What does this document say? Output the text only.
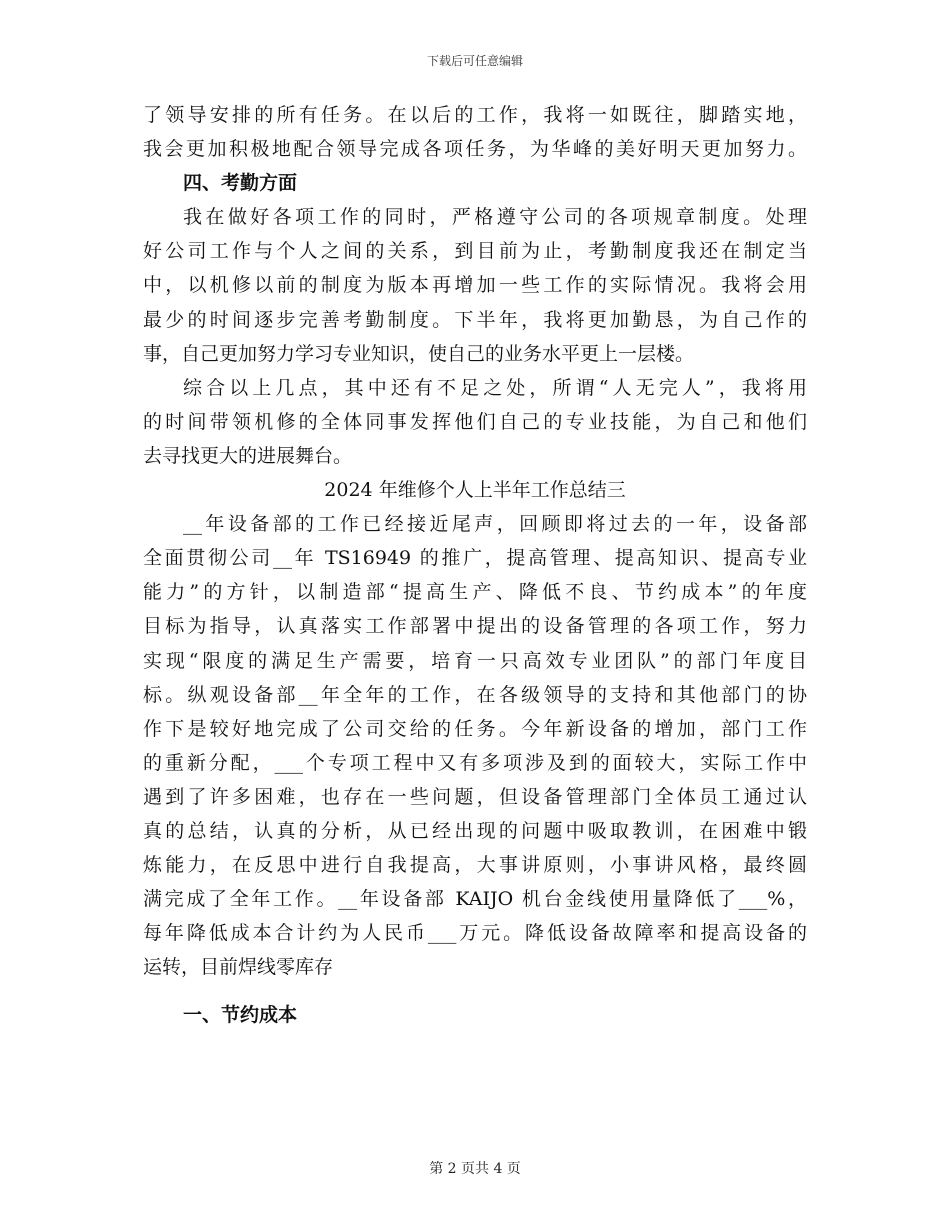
下载后可任意编辑
了领导安排的所有任务。在以后的工作，我将一如既往，脚踏实地，
我会更加积极地配合领导完成各项任务，为华峰的美好明天更加努力。
四、考勤方面
我在做好各项工作的同时，严格遵守公司的各项规章制度。处理
好公司工作与个人之间的关系，到目前为止，考勤制度我还在制定当
中，以机修以前的制度为版本再增加一些工作的实际情况。我将会用
最少的时间逐步完善考勤制度。下半年，我将更加勤恳，为自己作的
事，自己更加努力学习专业知识，使自己的业务水平更上一层楼。
综合以上几点，其中还有不足之处，所谓“人无完人”，我将用
的时间带领机修的全体同事发挥他们自己的专业技能，为自己和他们
去寻找更大的进展舞台。
2024 年维修个人上半年工作总结三
__年设备部的工作已经接近尾声，回顾即将过去的一年，设备部
全面贯彻公司__年 TS16949 的推广，提高管理、提高知识、提高专业
能力”的方针，以制造部“提高生产、降低不良、节约成本”的年度
目标为指导，认真落实工作部署中提出的设备管理的各项工作，努力
实现“限度的满足生产需要，培育一只高效专业团队”的部门年度目
标。纵观设备部__年全年的工作，在各级领导的支持和其他部门的协
作下是较好地完成了公司交给的任务。今年新设备的增加，部门工作
的重新分配，___个专项工程中又有多项涉及到的面较大，实际工作中
遇到了许多困难，也存在一些问题，但设备管理部门全体员工通过认
真的总结，认真的分析，从已经出现的问题中吸取教训，在困难中锻
炼能力，在反思中进行自我提高，大事讲原则，小事讲风格，最终圆
满完成了全年工作。__年设备部 KAIJO 机台金线使用量降低了___%，
每年降低成本合计约为人民币___万元。降低设备故障率和提高设备的
运转，目前焊线零库存
一、节约成本
第 2 页共 4 页
